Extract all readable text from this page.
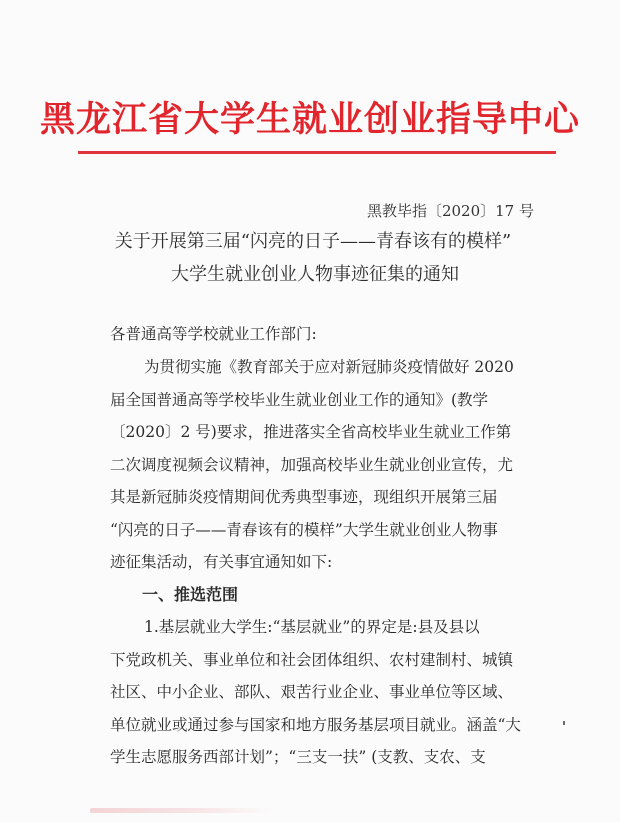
黑龙江省大学生就业创业指导中心
黑教毕指〔2020〕17 号
关于开展第三届“闪亮的日子——青春该有的模样”
大学生就业创业人物事迹征集的通知
各普通高等学校就业工作部门:
为贯彻实施《教育部关于应对新冠肺炎疫情做好 2020
届全国普通高等学校毕业生就业创业工作的通知》(教学
〔2020〕2 号)要求，推进落实全省高校毕业生就业工作第
二次调度视频会议精神，加强高校毕业生就业创业宣传，尤
其是新冠肺炎疫情期间优秀典型事迹，现组织开展第三届
“闪亮的日子——青春该有的模样”大学生就业创业人物事
迹征集活动，有关事宜通知如下:
一、推选范围
1.基层就业大学生:“基层就业”的界定是:县及县以
下党政机关、事业单位和社会团体组织、农村建制村、城镇
社区、中小企业、部队、艰苦行业企业、事业单位等区域、
单位就业或通过参与国家和地方服务基层项目就业。涵盖“大
学生志愿服务西部计划”；“三支一扶” (支教、支农、支
